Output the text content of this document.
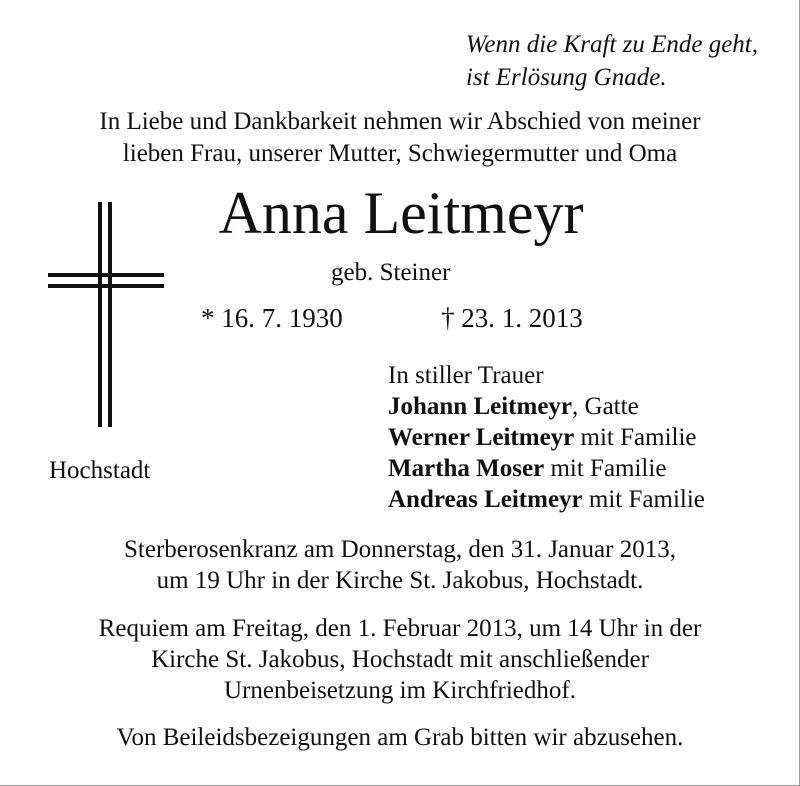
Wenn die Kraft zu Ende geht,
ist Erlösung Gnade.
In Liebe und Dankbarkeit nehmen wir Abschied von meiner
lieben Frau, unserer Mutter, Schwiegermutter und Oma
Anna Leitmeyr
geb. Steiner
* 16. 7. 1930	† 23. 1. 2013
Hochstadt
In stiller Trauer
Johann Leitmeyr, Gatte
Werner Leitmeyr mit Familie
Martha Moser mit Familie
Andreas Leitmeyr mit Familie
Sterberosenkranz am Donnerstag, den 31. Januar 2013,
um 19 Uhr in der Kirche St. Jakobus, Hochstadt.
Requiem am Freitag, den 1. Februar 2013, um 14 Uhr in der
Kirche St. Jakobus, Hochstadt mit anschließender
Urnenbeisetzung im Kirchfriedhof.
Von Beileidsbezeigungen am Grab bitten wir abzusehen.
